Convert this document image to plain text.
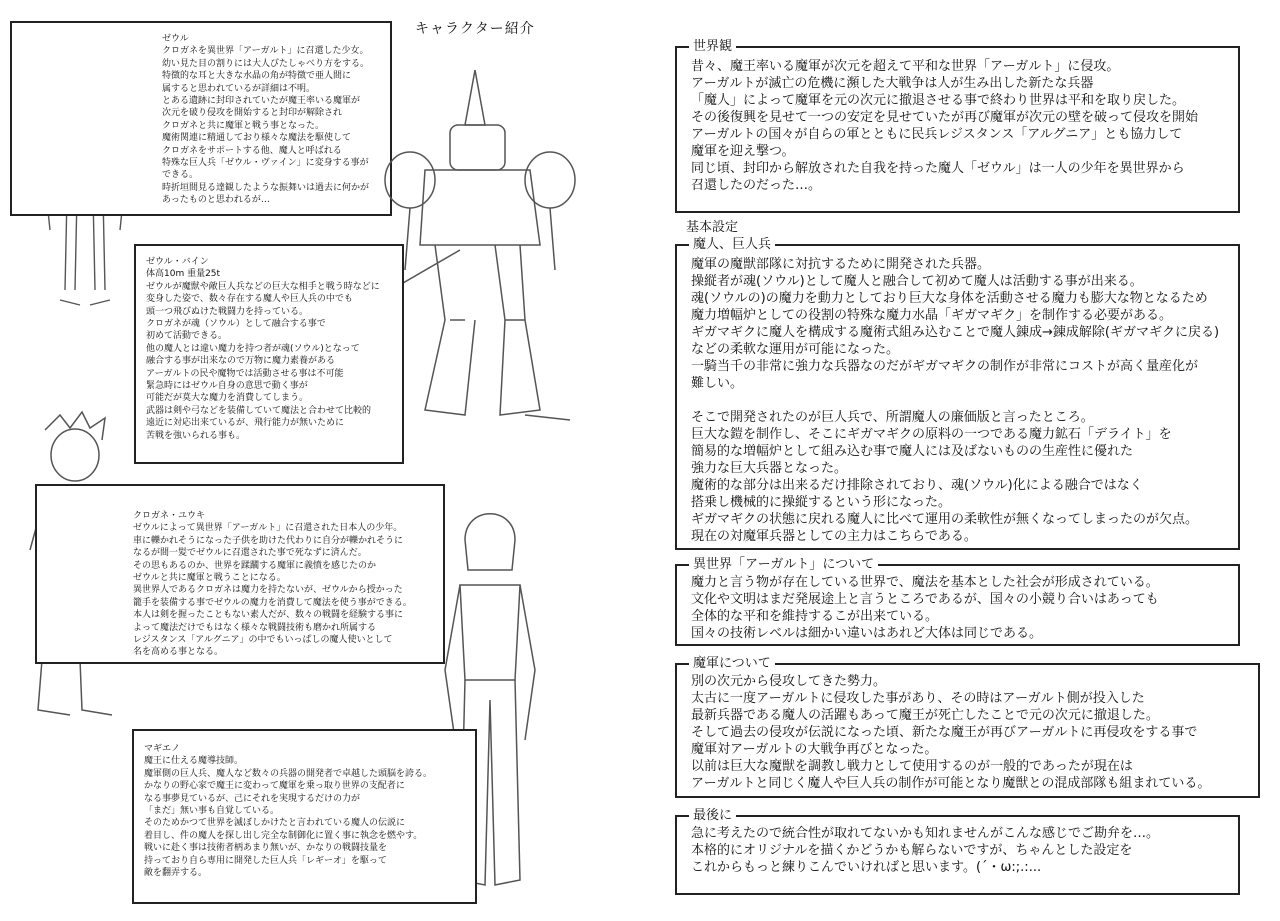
キャラクター紹介
ゼウル
クロガネを異世界「アーガルト」に召還した少女。
幼い見た目の割りには大人びたしゃべり方をする。
特徴的な耳と大きな水晶の角が特徴で亜人間に
属すると思われているが詳細は不明。
とある遺跡に封印されていたが魔王率いる魔軍が
次元を破り侵攻を開始すると封印が解除され
クロガネと共に魔軍と戦う事となった。
魔術関連に精通しており様々な魔法を駆使して
クロガネをサポートする他、魔人と呼ばれる
特殊な巨人兵「ゼウル・ヴァイン」に変身する事が
できる。
時折垣間見る達観したような振舞いは過去に何かが
あったものと思われるが…
ゼウル・バイン
体高10m 重量25t
ゼウルが魔獣や敵巨人兵などの巨大な相手と戦う時などに
変身した姿で、数々存在する魔人や巨人兵の中でも
頭一つ飛びぬけた戦闘力を持っている。
クロガネが魂（ソウル）として融合する事で
初めて活動できる。
他の魔人とは違い魔力を持つ者が魂(ソウル)となって
融合する事が出来なので万物に魔力素養がある
アーガルトの民や魔物では活動させる事は不可能
緊急時にはゼウル自身の意思で動く事が
可能だが莫大な魔力を消費してしまう。
武器は剣や弓などを装備していて魔法と合わせて比較的
遠近に対応出来ているが、飛行能力が無いために
苦戦を強いられる事も。
クロガネ・ユウキ
ゼウルによって異世界「アーガルト」に召還された日本人の少年。
車に轢かれそうになった子供を助けた代わりに自分が轢かれそうに
なるが間一髪でゼウルに召還された事で死なずに済んだ。
その思もあるのか、世界を蹂躙する魔軍に義憤を感じたのか
ゼウルと共に魔軍と戦うことになる。
異世界人であるクロガネは魔力を持たないが、ゼウルから授かった
籠手を装備する事でゼウルの魔力を消費して魔法を使う事ができる。
本人は剣を握ったこともない素人だが、数々の戦闘を経験する事に
よって魔法だけでもはなく様々な戦闘技術も磨かれ所属する
レジスタンス「アルグニア」の中でもいっぱしの魔人使いとして
名を高める事となる。
マギエノ
魔王に仕える魔導技師。
魔軍側の巨人兵、魔人など数々の兵器の開発者で卓越した頭脳を誇る。
かなりの野心家で魔王に変わって魔軍を乗っ取り世界の支配者に
なる事夢見ているが、己にそれを実現するだけの力が
「まだ」無い事も自覚している。
そのためかつて世界を滅ぼしかけたと言われている魔人の伝説に
着目し、件の魔人を探し出し完全な制御化に置く事に執念を燃やす。
戦いに赴く事は技術者柄あまり無いが、かなりの戦闘技量を
持っており自ら専用に開発した巨人兵「レギーオ」を駆って
敵を翻弄する。
世界観
昔々、魔王率いる魔軍が次元を超えて平和な世界「アーガルト」に侵攻。
アーガルトが滅亡の危機に瀕した大戦争は人が生み出した新たな兵器
「魔人」によって魔軍を元の次元に撤退させる事で終わり世界は平和を取り戻した。
その後復興を見せて一つの安定を見せていたが再び魔軍が次元の壁を破って侵攻を開始
アーガルトの国々が自らの軍とともに民兵レジスタンス「アルグニア」とも協力して
魔軍を迎え撃つ。
同じ頃、封印から解放された自我を持った魔人「ゼウル」は一人の少年を異世界から
召還したのだった…。
基本設定
魔人、巨人兵
魔軍の魔獣部隊に対抗するために開発された兵器。
操縦者が魂(ソウル)として魔人と融合して初めて魔人は活動する事が出来る。
魂(ソウルの)の魔力を動力としており巨大な身体を活動させる魔力も膨大な物となるため
魔力増幅炉としての役割の特殊な魔力水晶「ギガマギク」を制作する必要がある。
ギガマギクに魔人を構成する魔術式組み込むことで魔人錬成→錬成解除(ギガマギクに戻る)
などの柔軟な運用が可能になった。
一騎当千の非常に強力な兵器なのだがギガマギクの制作が非常にコストが高く量産化が
難しい。
そこで開発されたのが巨人兵で、所謂魔人の廉価版と言ったところ。
巨大な鎧を制作し、そこにギガマギクの原料の一つである魔力鉱石「デライト」を
簡易的な増幅炉として組み込む事で魔人には及ばないものの生産性に優れた
強力な巨大兵器となった。
魔術的な部分は出来るだけ排除されており、魂(ソウル)化による融合ではなく
搭乗し機械的に操縦するという形になった。
ギガマギクの状態に戻れる魔人に比べて運用の柔軟性が無くなってしまったのが欠点。
現在の対魔軍兵器としての主力はこちらである。
異世界「アーガルト」について
魔力と言う物が存在している世界で、魔法を基本とした社会が形成されている。
文化や文明はまだ発展途上と言うところであるが、国々の小競り合いはあっても
全体的な平和を維持するこが出来ている。
国々の技術レベルは細かい違いはあれど大体は同じである。
魔軍について
別の次元から侵攻してきた勢力。
太古に一度アーガルトに侵攻した事があり、その時はアーガルト側が投入した
最新兵器である魔人の活躍もあって魔王が死亡したことで元の次元に撤退した。
そして過去の侵攻が伝説になった頃、新たな魔王が再びアーガルトに再侵攻をする事で
魔軍対アーガルトの大戦争再びとなった。
以前は巨大な魔獣を調教し戦力として使用するのが一般的であったが現在は
アーガルトと同じく魔人や巨人兵の制作が可能となり魔獣との混成部隊も組まれている。
最後に
急に考えたので統合性が取れてないかも知れませんがこんな感じでご勘弁を…。
本格的にオリジナルを描くかどうかも解らないですが、ちゃんとした設定を
これからもっと練りこんでいければと思います。(´・ω:;.:...
